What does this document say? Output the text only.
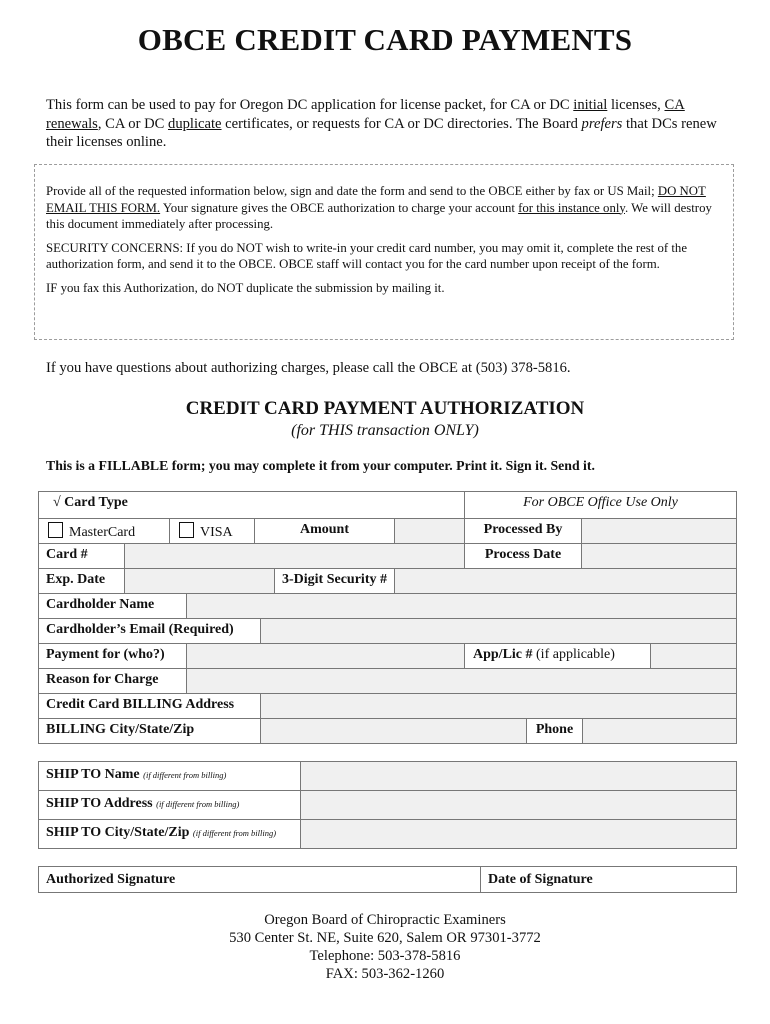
OBCE CREDIT CARD PAYMENTS
This form can be used to pay for Oregon DC application for license packet, for CA or DC initial licenses, CA renewals, CA or DC duplicate certificates, or requests for CA or DC directories. The Board prefers that DCs renew their licenses online.

Provide all of the requested information below, sign and date the form and send to the OBCE either by fax or US Mail; DO NOT EMAIL THIS FORM. Your signature gives the OBCE authorization to charge your account for this instance only. We will destroy this document immediately after processing.

SECURITY CONCERNS: If you do NOT wish to write-in your credit card number, you may omit it, complete the rest of the authorization form, and send it to the OBCE. OBCE staff will contact you for the card number upon receipt of the form.

IF you fax this Authorization, do NOT duplicate the submission by mailing it.

If you have questions about authorizing charges, please call the OBCE at (503) 378-5816.
CREDIT CARD PAYMENT AUTHORIZATION
(for THIS transaction ONLY)
This is a FILLABLE form; you may complete it from your computer. Print it. Sign it. Send it.
√ Card Type	For OBCE Office Use Only
MasterCard	VISA	Amount	Processed By
Card #	Process Date
Exp. Date	3-Digit Security #
Cardholder Name
Cardholder’s Email (Required)
Payment for (who?)	App/Lic # (if applicable)
Reason for Charge
Credit Card BILLING Address
BILLING City/State/Zip	Phone
SHIP TO Name (if different from billing)
SHIP TO Address (if different from billing)
SHIP TO City/State/Zip (if different from billing)
Authorized Signature	Date of Signature
Oregon Board of Chiropractic Examiners
530 Center St. NE, Suite 620, Salem OR 97301-3772
Telephone: 503-378-5816
FAX: 503-362-1260
